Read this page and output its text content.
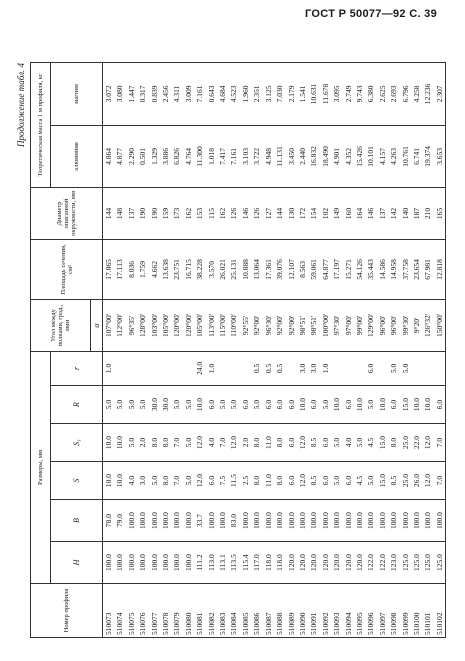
ГОСТ Р 50077—92 С. 39
Продолжение табл. 4
Номер профиля	Размеры, мм						Угол между полками, град., мин	Площадь сечения, см²	Диаметр описанной окружности, мм	Теоретическая масса 1 м профиля, кг	
	H	B	S	S₁	R	r				алюминия	магния
							α				
510073	100.0	78.0	10.0	10.0	5.0	1.0	107°00'	17.065	144	4.864	3.072
510074	100.0	79.0	10.0	10.0	5.0		112°00'	17.113	148	4.877	3.080
510075	100.0	100.0	4.0	5.0	5.0		96°35'	8.036	137	2.290	1.447
510076	100.0	100.0	3.0	2.0	5.0		128°00'	1.759	190	0.501	0.317
510077	100.0	100.0	5.0	8.0	30.0		103°00'	4.662	190	1.329	0.839
510078	100.0	100.0	8.0	8.0	30.0		105°00'	13.638	159	3.886	2.456
510079	100.0	100.0	7.0	7.0	5.0		120°00'	23.751	173	6.826	4.311
510080	100.0	100.0	5.0	5.0	5.0		120°00'	16.715	162	4.764	3.009
510081	111.2	33.7	12.0	12.0	10.0	24.0	105°00'	38.228	153	11.300	7.161
510082	113.0	100.0	6.0	4.0	6.0	1.0	113°00'	3.570	115	1.018	0.643
510083	113.1	100.0	7.5	7.0	5.0		115°00'	26.021	162	7.417	4.684
510084	113.5	83.0	11.5	12.0	5.0		110°00'	25.131	126	7.161	4.523
510085	115.4	100.0	2.5	2.0	6.0		92°55'	10.888	146	3.103	1.960
510086	117.0	100.0	8.0	8.0	5.0	0.5	92°00'	13.064	126	3.722	2.351
510087	118.0	100.0	11.0	11.0	6.0	0.5	96°30'	17.361	127	4.948	3.125
510088	118.0	100.0	8.0	8.0	6.0	0.5	92°00'	39.076	144	11.131	7.030
510089	120.0	100.0	6.0	6.0	6.0		92°00'	12.107	130	3.450	2.179
510090	120.0	100.0	12.0	12.0	10.0	3.0	98°51'	8.563	172	2.440	1.541
510091	120.0	100.0	8.5	8.5	6.0	3.0	98°51'	59.061	154	16.832	10.631
510092	120.0	100.0	6.0	6.0	5.0	1.0	100°00'	64.877	102	18.490	11.678
510093	120.0	100.0	5.0	5.0	10.0		97°30'	17.197	149	4.901	3.095
510094	120.0	100.0	6.0	4.0	6.0		97°00'	15.271	160	4.352	2.749
510095	120.0	100.0	4.5	5.0	10.0		99°00'	54.126	164	15.426	9.743
510096	122.0	100.0	5.0	4.5	5.0	6.0	129°00'	35.443	146	10.101	6.380
510097	122.0	100.0	15.0	15.0	10.0		96°00'	14.586	137	4.157	2.625
510098	123.0	100.0	8.5	8.0	6.0	5.0	96°00'	14.958	142	4.263	2.693
510099	125.0	100.0	25.0	25.0	15.0	5.0	99°30'	37.758	140	10.761	6.796
510100	125.0	100.0	26.0	22.0	10.0		9°20'	23.654	187	6.741	4.258
510101	125.0	100.0	12.0	12.0	10.0		126°32'	67.981	210	19.374	12.236
510102	125.0	100.0	7.0	7.0	6.0		150°00'	12.818	165	3.653	2.307
